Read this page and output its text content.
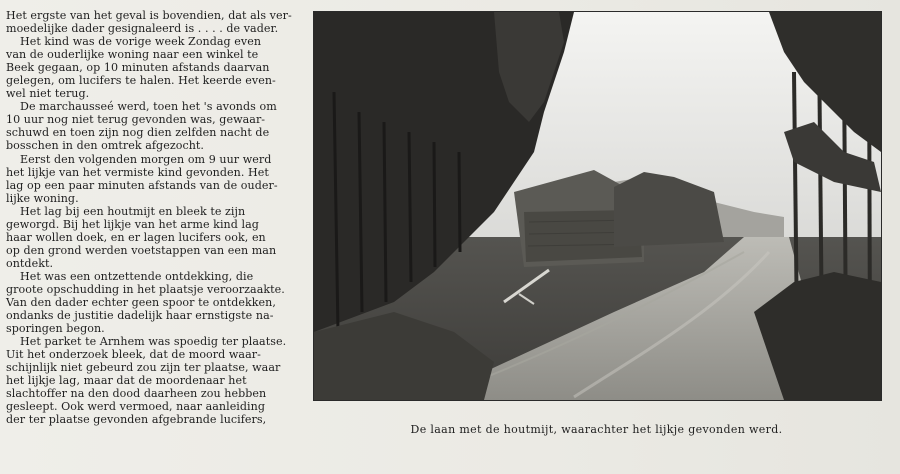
Het ergste van het geval is bovendien, dat als ver-
moedelijke dader gesignaleerd is . . . . de vader.
Het kind was de vorige week Zondag even
van de ouderlijke woning naar een winkel te
Beek gegaan, op 10 minuten afstands daarvan
gelegen, om lucifers te halen. Het keerde even-
wel niet terug.
De marchausseé werd, toen het 's avonds om
10 uur nog niet terug gevonden was, gewaar-
schuwd en toen zijn nog dien zelfden nacht de
bosschen in den omtrek afgezocht.
Eerst den volgenden morgen om 9 uur werd
het lijkje van het vermiste kind gevonden. Het
lag op een paar minuten afstands van de ouder-
lijke woning.
Het lag bij een houtmijt en bleek te zijn
geworgd. Bij het lijkje van het arme kind lag
haar wollen doek, en er lagen lucifers ook, en
op den grond werden voetstappen van een man
ontdekt.
Het was een ontzettende ontdekking, die
groote opschudding in het plaatsje veroorzaakte.
Van den dader echter geen spoor te ontdekken,
ondanks de justitie dadelijk haar ernstigste na-
sporingen begon.
Het parket te Arnhem was spoedig ter plaatse.
Uit het onderzoek bleek, dat de moord waar-
schijnlijk niet gebeurd zou zijn ter plaatse, waar
het lijkje lag, maar dat de moordenaar het
slachtoffer na den dood daarheen zou hebben
gesleept. Ook werd vermoed, naar aanleiding
der ter plaatse gevonden afgebrande lucifers,
De laan met de houtmijt, waarachter het lijkje gevonden werd.
